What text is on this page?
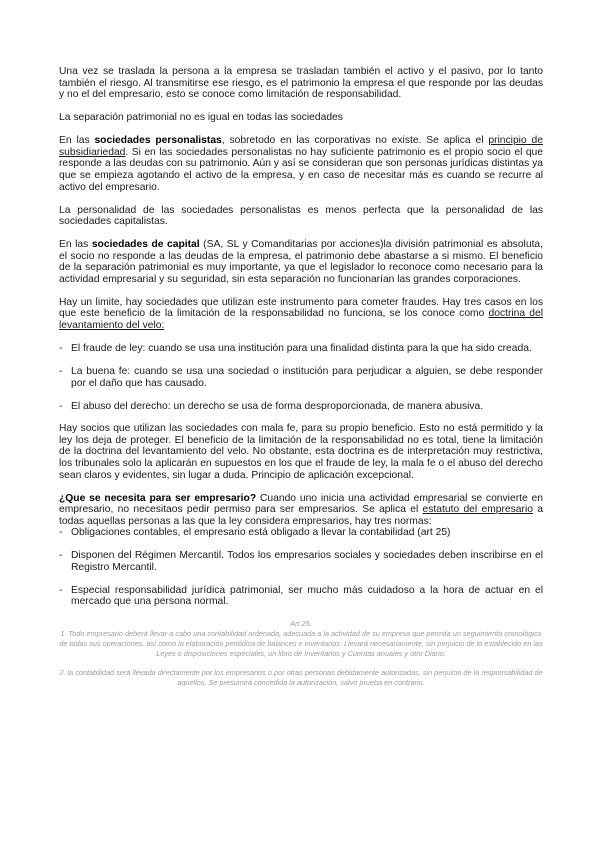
Una vez se traslada la persona a la empresa se trasladan también el activo y el pasivo, por lo tanto también el riesgo. Al transmitirse ese riesgo, es el patrimonio la empresa el que responde por las deudas y no el del empresario, esto se conoce como limitación de responsabilidad.

La separación patrimonial no es igual en todas las sociedades

En las sociedades personalistas, sobretodo en las corporativas no existe. Se aplica el principio de subsidiariedad. Si en las sociedades personalistas no hay suficiente patrimonio es el propio socio el que responde a las deudas con su patrimonio. Aún y así se consideran que son personas jurídicas distintas ya que se empieza agotando el activo de la empresa, y en caso de necesitar más es cuando se recurre al activo del empresario.

La personalidad de las sociedades personalistas es menos perfecta que la personalidad de las sociedades capitalistas.

En las sociedades de capital (SA, SL y Comanditarias por acciones)la división patrimonial es absoluta, el socio no responde a las deudas de la empresa, el patrimonio debe abastarse a si mismo. El beneficio de la separación patrimonial es muy importante, ya que el legislador lo reconoce como necesario para la actividad empresarial y su seguridad, sin esta separación no funcionarían las grandes corporaciones.

Hay un limite, hay sociedades que utilizan este instrumento para cometer fraudes. Hay tres casos en los que este beneficio de la limitación de la responsabilidad no funciona, se los conoce como doctrina del levantamiento del velo:

- El fraude de ley: cuando se usa una institución para una finalidad distinta para la que ha sido creada.
- La buena fe: cuando se usa una sociedad o institución para perjudicar a alguien, se debe responder por el daño que has causado.
- El abuso del derecho: un derecho se usa de forma desproporcionada, de manera abusiva.

Hay socios que utilizan las sociedades con mala fe, para su propio beneficio. Esto no está permitido y la ley los deja de proteger. El beneficio de la limitación de la responsabilidad no es total, tiene la limitación de la doctrina del levantamiento del velo. No obstante, esta doctrina es de interpretación muy restrictiva, los tribunales solo la aplicarán en supuestos en los que el fraude de ley, la mala fe o el abuso del derecho sean claros y evidentes, sin lugar a duda. Principio de aplicación excepcional.

¿Que se necesita para ser empresario? Cuando uno inicia una actividad empresarial se convierte en empresario, no necesitaos pedir permiso para ser empresarios. Se aplica el estatuto del empresario a todas aquellas personas a las que la ley considera empresarios, hay tres normas:

- Obligaciones contables, el empresario está obligado a llevar la contabilidad (art 25)
- Disponen del Régimen Mercantil. Todos los empresarios sociales y sociedades deben inscribirse en el Registro Mercantil.
- Especial responsabilidad jurídica patrimonial, ser mucho más cuidadoso a la hora de actuar en el mercado que una persona normal.

Art 25.

1. Todo empresario deberá llevar a cabo una contabilidad ordenada, adecuada a la actividad de su empresa que permita un seguimiento cronológico de todas sus operaciones, así como la elaboración periódica de balances e inventarios. Llevará necesariamente, sin perjuicio de lo establecido en las Leyes o disposiciones especiales, un libro de Inventarios y Cuentas anuales y otro Diario.

2. la contabilidad será llevada directamente por los empresarios o por otras personas debidamente autorizadas, sin perjuicio de la responsabilidad de aquellos. Se presumirá concedida la autorización, salvo prueba en contrario.
